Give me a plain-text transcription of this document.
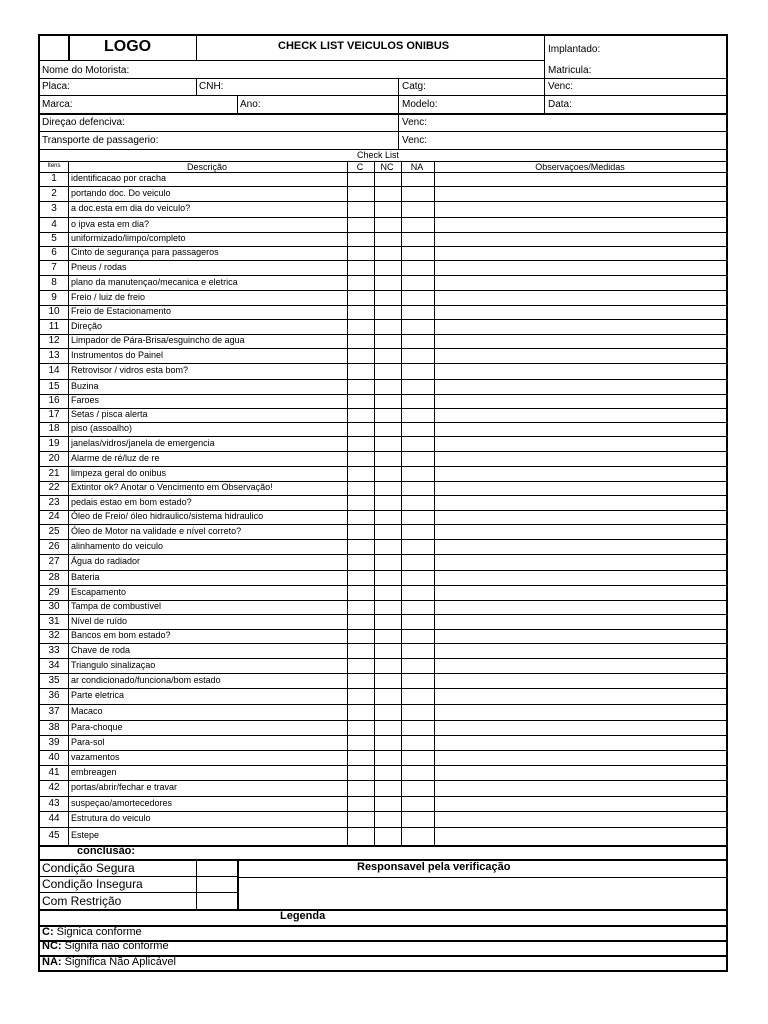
LOGO	CHECK LIST VEICULOS ONIBUS	Implantado:
Nome do Motorista:	Matricula:
Placa:	CNH:	Catg:	Venc:
Marca:	Ano:	Modelo:	Data:
Direçao defenciva:	Venc:
Transporte de passagerio:	Venc:
Check List
Itens	Descrição	C NC NA	Observaçoes/Medidas
1 identificacao por cracha
2 portando doc. Do veiculo
3 a doc.esta em dia do veiculo?
4 o ipva esta em dia?
5 uniformizado/limpo/completo
6 Cinto de segurança para passageros
7 Pneus / rodas
8 plano da manutençao/mecanica e eletrica
9 Freio / luiz de freio
10 Freio de Estacionamento
11 Direção
12 Limpador de Pára-Brisa/esguincho de agua
13 Instrumentos do Painel
14 Retrovisor / vidros esta bom?
15 Buzina
16 Faroes
17 Setas / pisca alerta
18 piso (assoalho)
19 janelas/vidros/janela de emergencia
20 Alarme de ré/luz de re
21 limpeza geral do onibus
22 Extintor ok? Anotar o Vencimento em Observação!
23 pedais estao em bom estado?
24 Óleo de Freio/ óleo hidraulico/sistema hidraulico
25 Óleo de Motor na validade e nível correto?
26 alinhamento do veiculo
27 Água do radiador
28 Bateria
29 Escapamento
30 Tampa de combustível
31 Nível de ruído
32 Bancos em bom estado?
33 Chave de roda
34 Triangulo sinalizaçao
35 ar condicionado/funciona/bom estado
36 Parte eletrica
37 Macaco
38 Para-choque
39 Para-sol
40 vazamentos
41 embreagen
42 portas/abrir/fechar e travar
43 suspeçao/amortecedores
44 Estrutura do veiculo
45 Estepe
conclusão:
Condição Segura
Condição Insegura
Com Restrição
Responsavel pela verificação
Legenda
C: Signica conforme
NC: Signifa não conforme
NA: Significa Não Aplicável
